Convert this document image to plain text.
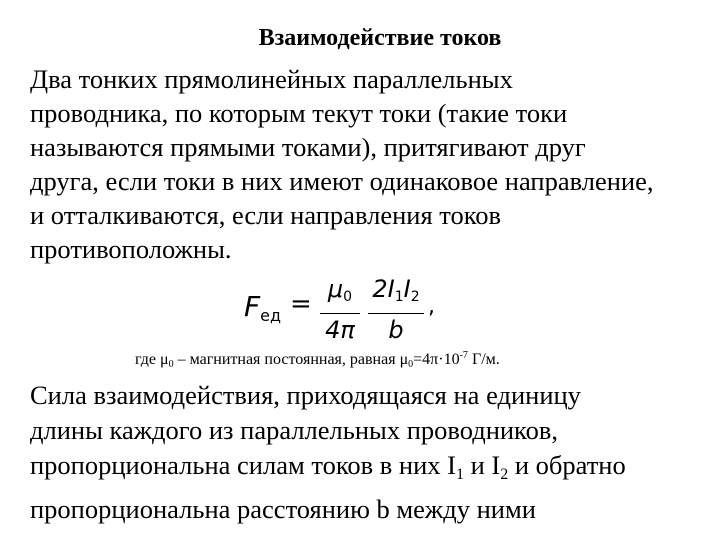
Взаимодействие токов
Два тонких прямолинейных параллельных
проводника, по которым текут токи (такие токи
называются прямыми токами), притягивают друг
друга, если токи в них имеют одинаковое направление,
и отталкиваются, если направления токов
противоположны.
$F_{ед} = \mu_0$
4π
$2I_1I_2$
b
,
где $\mu_0$ – магнитная постоянная, равная $\mu_0=4\pi\cdot 10^{-7}$ Г/м.
Сила взаимодействия, приходящаяся на единицу
длины каждого из параллельных проводников,
пропорциональна силам токов в них $I_1$ и $I_2$ и обратно
пропорциональна расстоянию b между ними
